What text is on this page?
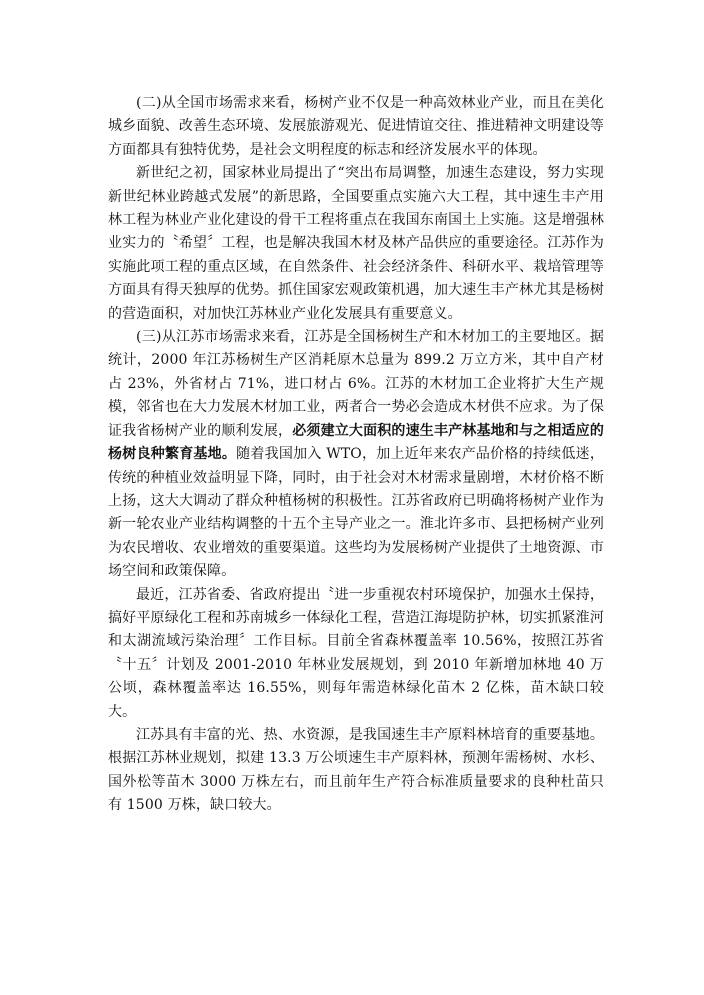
(二)从全国市场需求来看，杨树产业不仅是一种高效林业产业，而且在美化城乡面貌、改善生态环境、发展旅游观光、促进情谊交往、推进精神文明建设等方面都具有独特优势，是社会文明程度的标志和经济发展水平的体现。

新世纪之初，国家林业局提出了“突出布局调整，加速生态建设，努力实现新世纪林业跨越式发展”的新思路，全国要重点实施六大工程，其中速生丰产用林工程为林业产业化建设的骨干工程将重点在我国东南国土上实施。这是增强林业实力的〝希望〞工程，也是解决我国木材及林产品供应的重要途径。江苏作为实施此项工程的重点区域，在自然条件、社会经济条件、科研水平、栽培管理等方面具有得天独厚的优势。抓住国家宏观政策机遇，加大速生丰产林尤其是杨树的营造面积，对加快江苏林业产业化发展具有重要意义。

(三)从江苏市场需求来看，江苏是全国杨树生产和木材加工的主要地区。据统计，2000 年江苏杨树生产区消耗原木总量为 899.2 万立方米，其中自产材占 23%，外省材占 71%，进口材占 6%。江苏的木材加工企业将扩大生产规模，邻省也在大力发展木材加工业，两者合一势必会造成木材供不应求。为了保证我省杨树产业的顺利发展，必须建立大面积的速生丰产林基地和与之相适应的杨树良种繁育基地。随着我国加入 WTO，加上近年来农产品价格的持续低迷，传统的种植业效益明显下降，同时，由于社会对木材需求量剧增，木材价格不断上扬，这大大调动了群众种植杨树的积极性。江苏省政府已明确将杨树产业作为新一轮农业产业结构调整的十五个主导产业之一。淮北许多市、县把杨树产业列为农民增收、农业增效的重要渠道。这些均为发展杨树产业提供了土地资源、市场空间和政策保障。

最近，江苏省委、省政府提出〝进一步重视农村环境保护，加强水土保持，搞好平原绿化工程和苏南城乡一体绿化工程，营造江海堤防护林，切实抓紧淮河和太湖流域污染治理〞工作目标。目前全省森林覆盖率 10.56%，按照江苏省〝十五〞计划及 2001-2010 年林业发展规划，到 2010 年新增加林地 40 万公顷，森林覆盖率达 16.55%，则每年需造林绿化苗木 2 亿株，苗木缺口较大。

江苏具有丰富的光、热、水资源，是我国速生丰产原料林培育的重要基地。根据江苏林业规划，拟建 13.3 万公顷速生丰产原料林，预测年需杨树、水杉、国外松等苗木 3000 万株左右，而且前年生产符合标准质量要求的良种杜苗只有 1500 万株，缺口较大。
